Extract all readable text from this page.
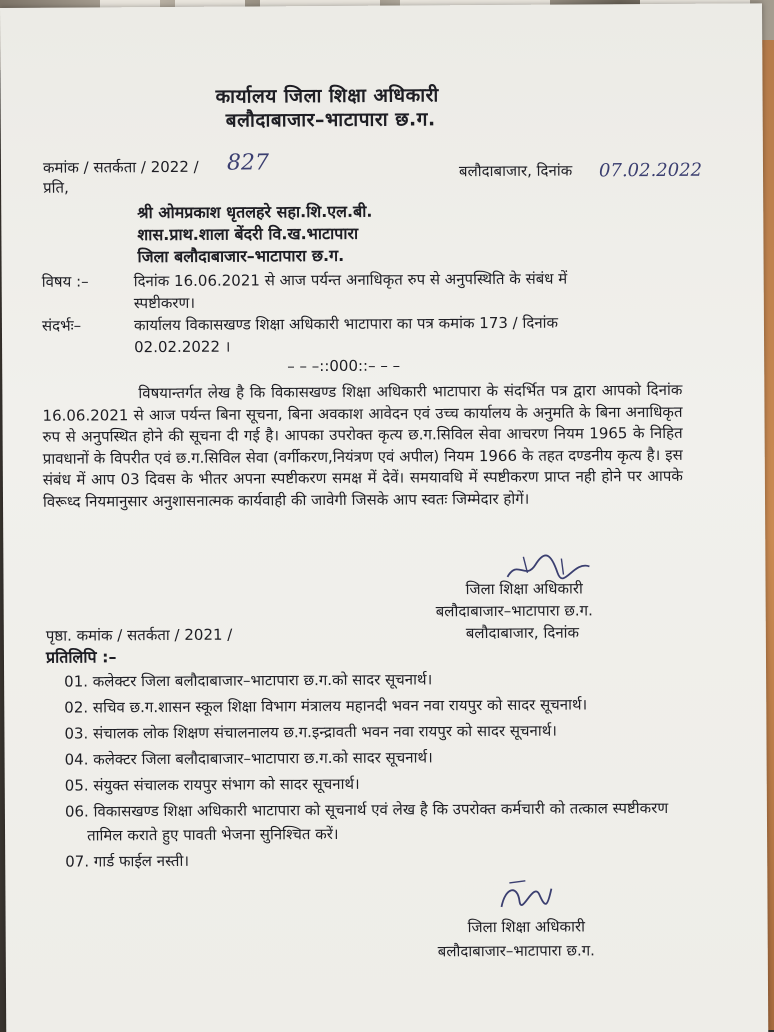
कार्यालय जिला शिक्षा अधिकारी
बलौदाबाजार–भाटापारा छ.ग.
कमांक / सतर्कता / 2022 / 827	बलौदाबाजार, दिनांक 07.02.2022
प्रति,
श्री ओमप्रकाश धृतलहरे सहा.शि.एल.बी.
शास.प्राथ.शाला बेंदरी वि.ख.भाटापारा
जिला बलौदाबाजार–भाटापारा छ.ग.
विषय :–	दिनांक 16.06.2021 से आज पर्यन्त अनाधिकृत रुप से अनुपस्थिति के संबंध में
स्पष्टीकरण।
संदर्भः–	कार्यालय विकासखण्ड शिक्षा अधिकारी भाटापारा का पत्र कमांक 173 / दिनांक
02.02.2022 ।
– – –::000::– – –
विषयान्तर्गत लेख है कि विकासखण्ड शिक्षा अधिकारी भाटापारा के संदर्भित पत्र द्वारा आपको दिनांक 16.06.2021 से आज पर्यन्त बिना सूचना, बिना अवकाश आवेदन एवं उच्च कार्यालय के अनुमति के बिना अनाधिकृत रुप से अनुपस्थित होने की सूचना दी गई है। आपका उपरोक्त कृत्य छ.ग.सिविल सेवा आचरण नियम 1965 के निहित प्रावधानों के विपरीत एवं छ.ग.सिविल सेवा (वर्गीकरण,नियंत्रण एवं अपील) नियम 1966 के तहत दण्डनीय कृत्य है। इस संबंध में आप 03 दिवस के भीतर अपना स्पष्टीकरण समक्ष में देवें। समयावधि में स्पष्टीकरण प्राप्त नही होने पर आपके विरूध्द नियमानुसार अनुशासनात्मक कार्यवाही की जावेगी जिसके आप स्वतः जिम्मेदार होगें।
जिला शिक्षा अधिकारी
बलौदाबाजार–भाटापारा छ.ग.
पृष्ठा. कमांक / सतर्कता / 2021 /	बलौदाबाजार, दिनांक
प्रतिलिपि :–
01. कलेक्टर जिला बलौदाबाजार–भाटापारा छ.ग.को सादर सूचनार्थ।
02. सचिव छ.ग.शासन स्कूल शिक्षा विभाग मंत्रालय महानदी भवन नवा रायपुर को सादर सूचनार्थ।
03. संचालक लोक शिक्षण संचालनालय छ.ग.इन्द्रावती भवन नवा रायपुर को सादर सूचनार्थ।
04. कलेक्टर जिला बलौदाबाजार–भाटापारा छ.ग.को सादर सूचनार्थ।
05. संयुक्त संचालक रायपुर संभाग को सादर सूचनार्थ।
06. विकासखण्ड शिक्षा अधिकारी भाटापारा को सूचनार्थ एवं लेख है कि उपरोक्त कर्मचारी को तत्काल स्पष्टीकरण तामिल कराते हुए पावती भेजना सुनिश्चित करें।
07. गार्ड फाईल नस्ती।
जिला शिक्षा अधिकारी
बलौदाबाजार–भाटापारा छ.ग.
